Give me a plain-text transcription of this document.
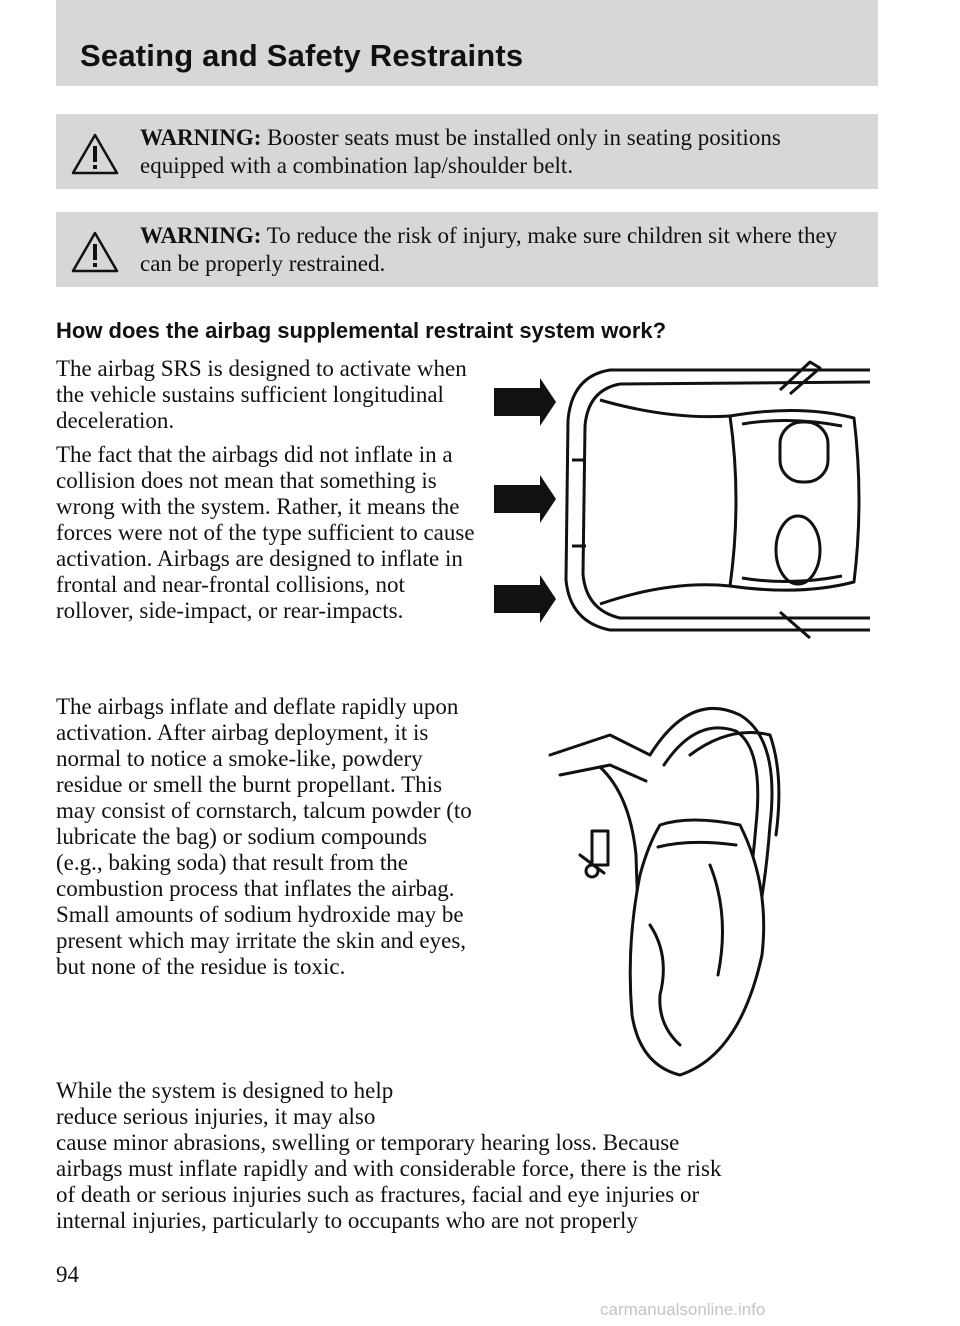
Seating and Safety Restraints
WARNING: Booster seats must be installed only in seating positions equipped with a combination lap/shoulder belt.
WARNING: To reduce the risk of injury, make sure children sit where they can be properly restrained.
How does the airbag supplemental restraint system work?

The airbag SRS is designed to activate when the vehicle sustains sufficient longitudinal deceleration.

The fact that the airbags did not inflate in a collision does not mean that something is wrong with the system. Rather, it means the forces were not of the type sufficient to cause activation. Airbags are designed to inflate in frontal and near-frontal collisions, not rollover, side-impact, or rear-impacts.

The airbags inflate and deflate rapidly upon activation. After airbag deployment, it is normal to notice a smoke-like, powdery residue or smell the burnt propellant. This may consist of cornstarch, talcum powder (to lubricate the bag) or sodium compounds (e.g., baking soda) that result from the combustion process that inflates the airbag. Small amounts of sodium hydroxide may be present which may irritate the skin and eyes, but none of the residue is toxic.

While the system is designed to help
reduce serious injuries, it may also
cause minor abrasions, swelling or temporary hearing loss. Because
airbags must inflate rapidly and with considerable force, there is the risk
of death or serious injuries such as fractures, facial and eye injuries or
internal injuries, particularly to occupants who are not properly

94
carmanualsonline.info
